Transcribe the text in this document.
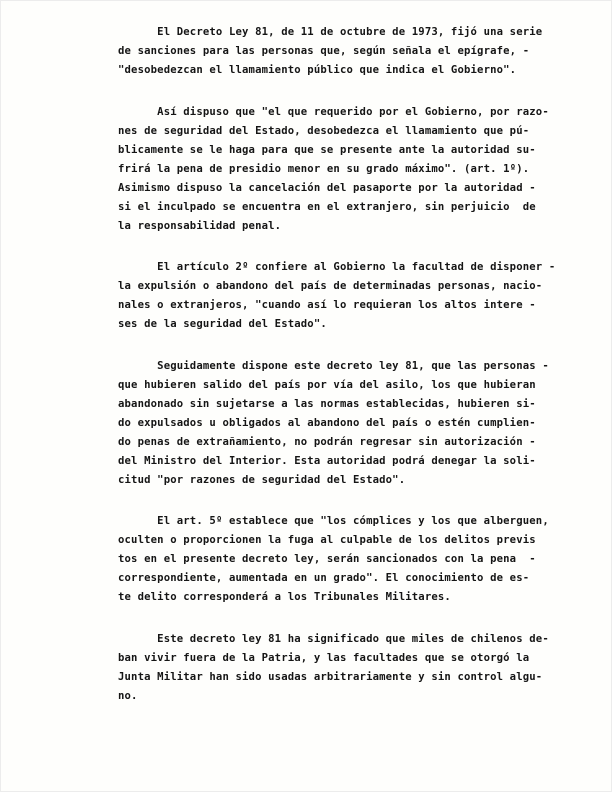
El Decreto Ley 81, de 11 de octubre de 1973, fijó una serie
de sanciones para las personas que, según señala el epígrafe, -
"desobedezcan el llamamiento público que indica el Gobierno".
Así dispuso que "el que requerido por el Gobierno, por razo-
nes de seguridad del Estado, desobedezca el llamamiento que pú-
blicamente se le haga para que se presente ante la autoridad su-
frirá la pena de presidio menor en su grado máximo". (art. 1º).
Asimismo dispuso la cancelación del pasaporte por la autoridad -
si el inculpado se encuentra en el extranjero, sin perjuicio  de
la responsabilidad penal.
El artículo 2º confiere al Gobierno la facultad de disponer -
la expulsión o abandono del país de determinadas personas, nacio-
nales o extranjeros, "cuando así lo requieran los altos intere -
ses de la seguridad del Estado".
Seguidamente dispone este decreto ley 81, que las personas -
que hubieren salido del país por vía del asilo, los que hubieran
abandonado sin sujetarse a las normas establecidas, hubieren si-
do expulsados u obligados al abandono del país o estén cumplien-
do penas de extrañamiento, no podrán regresar sin autorización -
del Ministro del Interior. Esta autoridad podrá denegar la soli-
citud "por razones de seguridad del Estado".
El art. 5º establece que "los cómplices y los que alberguen,
oculten o proporcionen la fuga al culpable de los delitos previs
tos en el presente decreto ley, serán sancionados con la pena  -
correspondiente, aumentada en un grado". El conocimiento de es-
te delito corresponderá a los Tribunales Militares.
Este decreto ley 81 ha significado que miles de chilenos de-
ban vivir fuera de la Patria, y las facultades que se otorgó la
Junta Militar han sido usadas arbitrariamente y sin control algu-
no.
